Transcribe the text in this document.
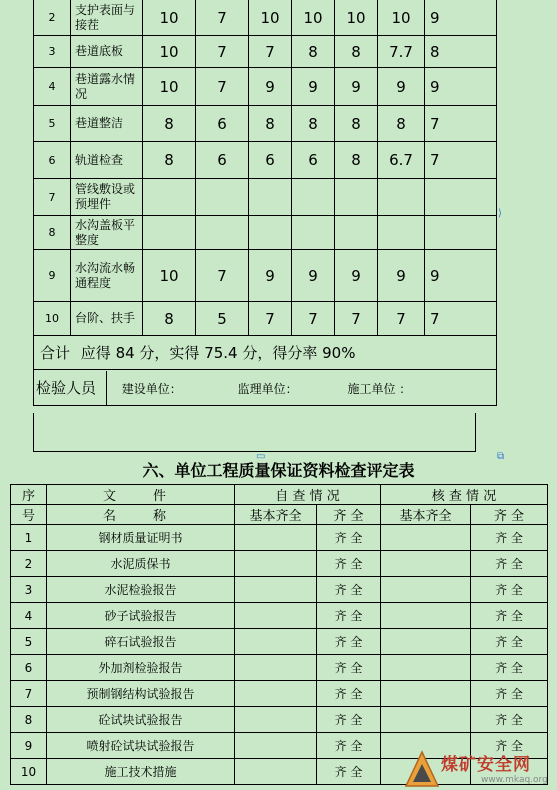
2	支护表面与接茬	10	7	10	10	10	10	9
3	巷道底板	10	7	7	8	8	7.7	8
4	巷道露水情况	10	7	9	9	9	9	9
5	巷道整洁	8	6	8	8	8	8	7
6	轨道检查	8	6	6	6	8	6.7	7
7	管线敷设或预埋件							
8	水沟盖板平整度							
9	水沟流水畅通程度	10	7	9	9	9	9	9
10	台阶、扶手	8	5	7	7	7	7	7
合计 应得 84 分，实得 75.4 分，得分率 90%								
检验人员 建设单位： 监理单位： 施工单位 ：								
⟩
▭	⧉
六、单位工程质量保证资料检查评定表
序	文　件	自 查 情 况		核 查 情 况	
号	名　称	基本齐全	齐 全	基本齐全	齐 全
1	钢材质量证明书		齐 全		齐 全
2	水泥质保书		齐 全		齐 全
3	水泥检验报告		齐 全		齐 全
4	砂子试验报告		齐 全		齐 全
5	碎石试验报告		齐 全		齐 全
6	外加剂检验报告		齐 全		齐 全
7	预制钢结构试验报告		齐 全		齐 全
8	砼试块试验报告		齐 全		齐 全
9	喷射砼试块试验报告		齐 全		齐 全
10	施工技术措施		齐 全			煤矿安全网
www.mkaq.org
